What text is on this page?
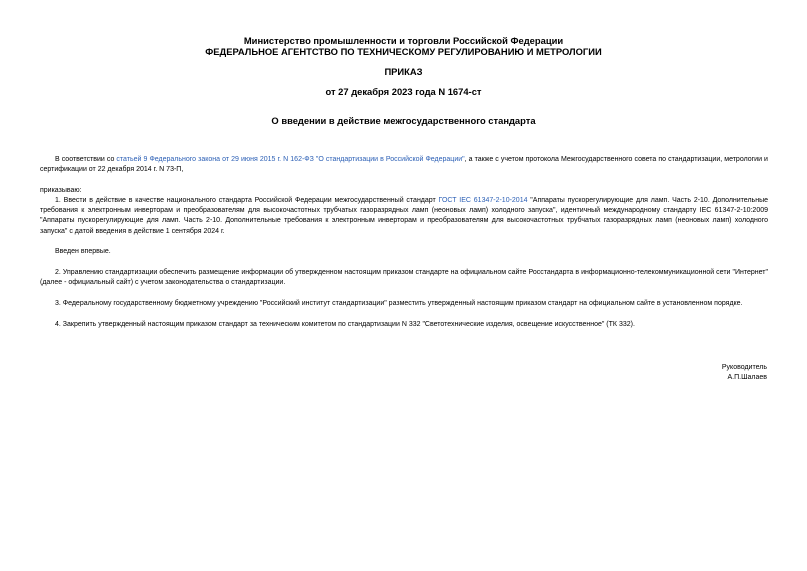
Министерство промышленности и торговли Российской Федерации
ФЕДЕРАЛЬНОЕ АГЕНТСТВО ПО ТЕХНИЧЕСКОМУ РЕГУЛИРОВАНИЮ И МЕТРОЛОГИИ
ПРИКАЗ
от 27 декабря 2023 года N 1674-ст
О введении в действие межгосударственного стандарта
В соответствии со статьей 9 Федерального закона от 29 июня 2015 г. N 162-ФЗ "О стандартизации в Российской Федерации", а также с учетом протокола Межгосударственного совета по стандартизации, метрологии и сертификации от 22 декабря 2014 г. N 73-П,
приказываю:
1. Ввести в действие в качестве национального стандарта Российской Федерации межгосударственный стандарт ГОСТ IEC 61347-2-10-2014 "Аппараты пускорегулирующие для ламп. Часть 2-10. Дополнительные требования к электронным инверторам и преобразователям для высокочастотных трубчатых газоразрядных ламп (неоновых ламп) холодного запуска", идентичный международному стандарту IEC 61347-2-10:2009 "Аппараты пускорегулирующие для ламп. Часть 2-10. Дополнительные требования к электронным инверторам и преобразователям для высокочастотных трубчатых газоразрядных ламп (неоновых ламп) холодного запуска" с датой введения в действие 1 сентября 2024 г.
Введен впервые.
2. Управлению стандартизации обеспечить размещение информации об утвержденном настоящим приказом стандарте на официальном сайте Росстандарта в информационно-телекоммуникационной сети "Интернет" (далее - официальный сайт) с учетом законодательства о стандартизации.
3. Федеральному государственному бюджетному учреждению "Российский институт стандартизации" разместить утвержденный настоящим приказом стандарт на официальном сайте в установленном порядке.
4. Закрепить утвержденный настоящим приказом стандарт за техническим комитетом по стандартизации N 332 "Светотехнические изделия, освещение искусственное" (ТК 332).
Руководитель
А.П.Шалаев
